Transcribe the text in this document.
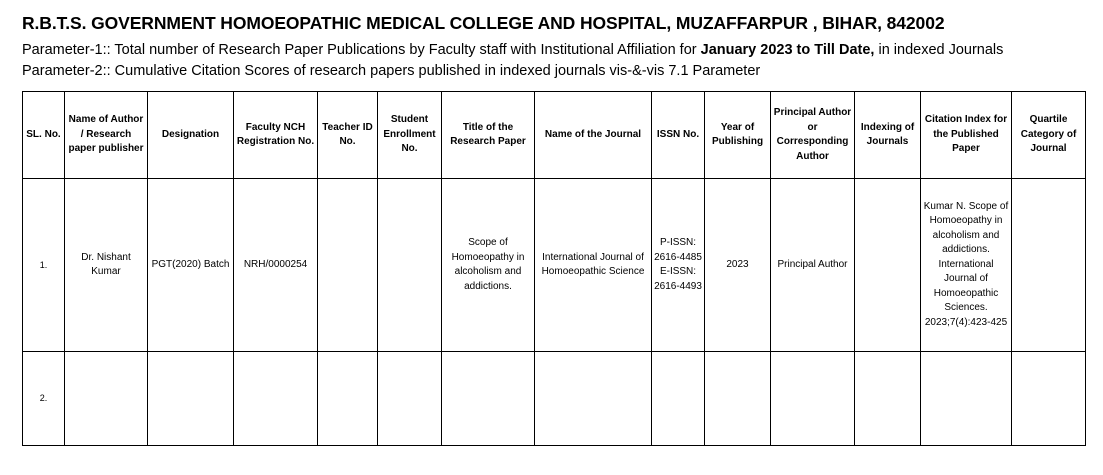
R.B.T.S. GOVERNMENT HOMOEOPATHIC MEDICAL COLLEGE AND HOSPITAL, MUZAFFARPUR , BIHAR, 842002
Parameter-1:: Total number of Research Paper Publications by Faculty staff with Institutional Affiliation for January 2023 to Till Date, in indexed Journals
Parameter-2:: Cumulative Citation Scores of research papers published in indexed journals vis-&-vis 7.1 Parameter
SL. No.	Name of Author / Research paper publisher	Designation	Faculty NCH Registration No.	Teacher ID No.	Student Enrollment No.	Title of the Research Paper	Name of the Journal	ISSN No.	Year of Publishing	Principal Author or Corresponding Author	Indexing of Journals	Citation Index for the Published Paper	Quartile Category of Journal
1.	Dr. Nishant Kumar	PGT(2020) Batch	NRH/0000254			Scope of Homoeopathy in alcoholism and addictions.	International Journal of Homoeopathic Science	P-ISSN: 2616-4485 E-ISSN: 2616-4493	2023	Principal Author		Kumar N. Scope of Homoeopathy in alcoholism and addictions. International Journal of Homoeopathic Sciences. 2023;7(4):423-425	
2.													
